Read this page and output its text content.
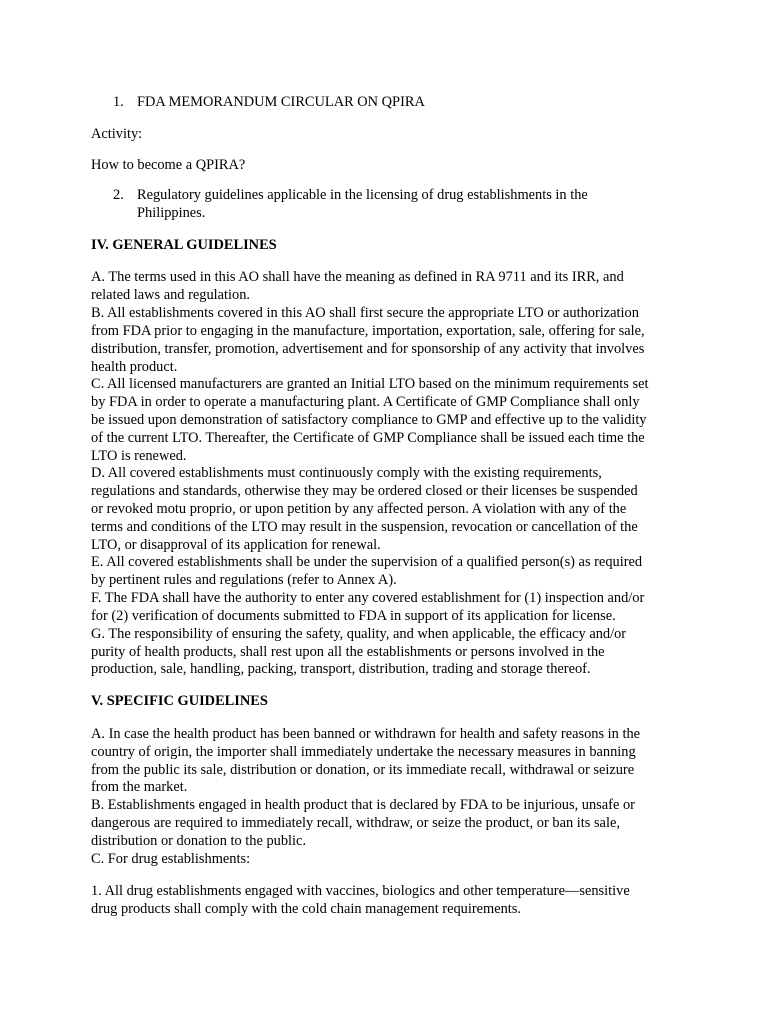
1. FDA MEMORANDUM CIRCULAR ON QPIRA
Activity:
How to become a QPIRA?
2. Regulatory guidelines applicable in the licensing of drug establishments in the
Philippines.
IV. GENERAL GUIDELINES
A. The terms used in this AO shall have the meaning as defined in RA 9711 and its IRR, and
related laws and regulation.
B. All establishments covered in this AO shall first secure the appropriate LTO or authorization
from FDA prior to engaging in the manufacture, importation, exportation, sale, offering for sale,
distribution, transfer, promotion, advertisement and for sponsorship of any activity that involves
health product.
C. All licensed manufacturers are granted an Initial LTO based on the minimum requirements set
by FDA in order to operate a manufacturing plant. A Certificate of GMP Compliance shall only
be issued upon demonstration of satisfactory compliance to GMP and effective up to the validity
of the current LTO. Thereafter, the Certificate of GMP Compliance shall be issued each time the
LTO is renewed.
D. All covered establishments must continuously comply with the existing requirements,
regulations and standards, otherwise they may be ordered closed or their licenses be suspended
or revoked motu proprio, or upon petition by any affected person. A violation with any of the
terms and conditions of the LTO may result in the suspension, revocation or cancellation of the
LTO, or disapproval of its application for renewal.
E. All covered establishments shall be under the supervision of a qualified person(s) as required
by pertinent rules and regulations (refer to Annex A).
F. The FDA shall have the authority to enter any covered establishment for (1) inspection and/or
for (2) verification of documents submitted to FDA in support of its application for license.
G. The responsibility of ensuring the safety, quality, and when applicable, the efficacy and/or
purity of health products, shall rest upon all the establishments or persons involved in the
production, sale, handling, packing, transport, distribution, trading and storage thereof.
V. SPECIFIC GUIDELINES
A. In case the health product has been banned or withdrawn for health and safety reasons in the
country of origin, the importer shall immediately undertake the necessary measures in banning
from the public its sale, distribution or donation, or its immediate recall, withdrawal or seizure
from the market.
B. Establishments engaged in health product that is declared by FDA to be injurious, unsafe or
dangerous are required to immediately recall, withdraw, or seize the product, or ban its sale,
distribution or donation to the public.
C. For drug establishments:
1. All drug establishments engaged with vaccines, biologics and other temperature—sensitive
drug products shall comply with the cold chain management requirements.
